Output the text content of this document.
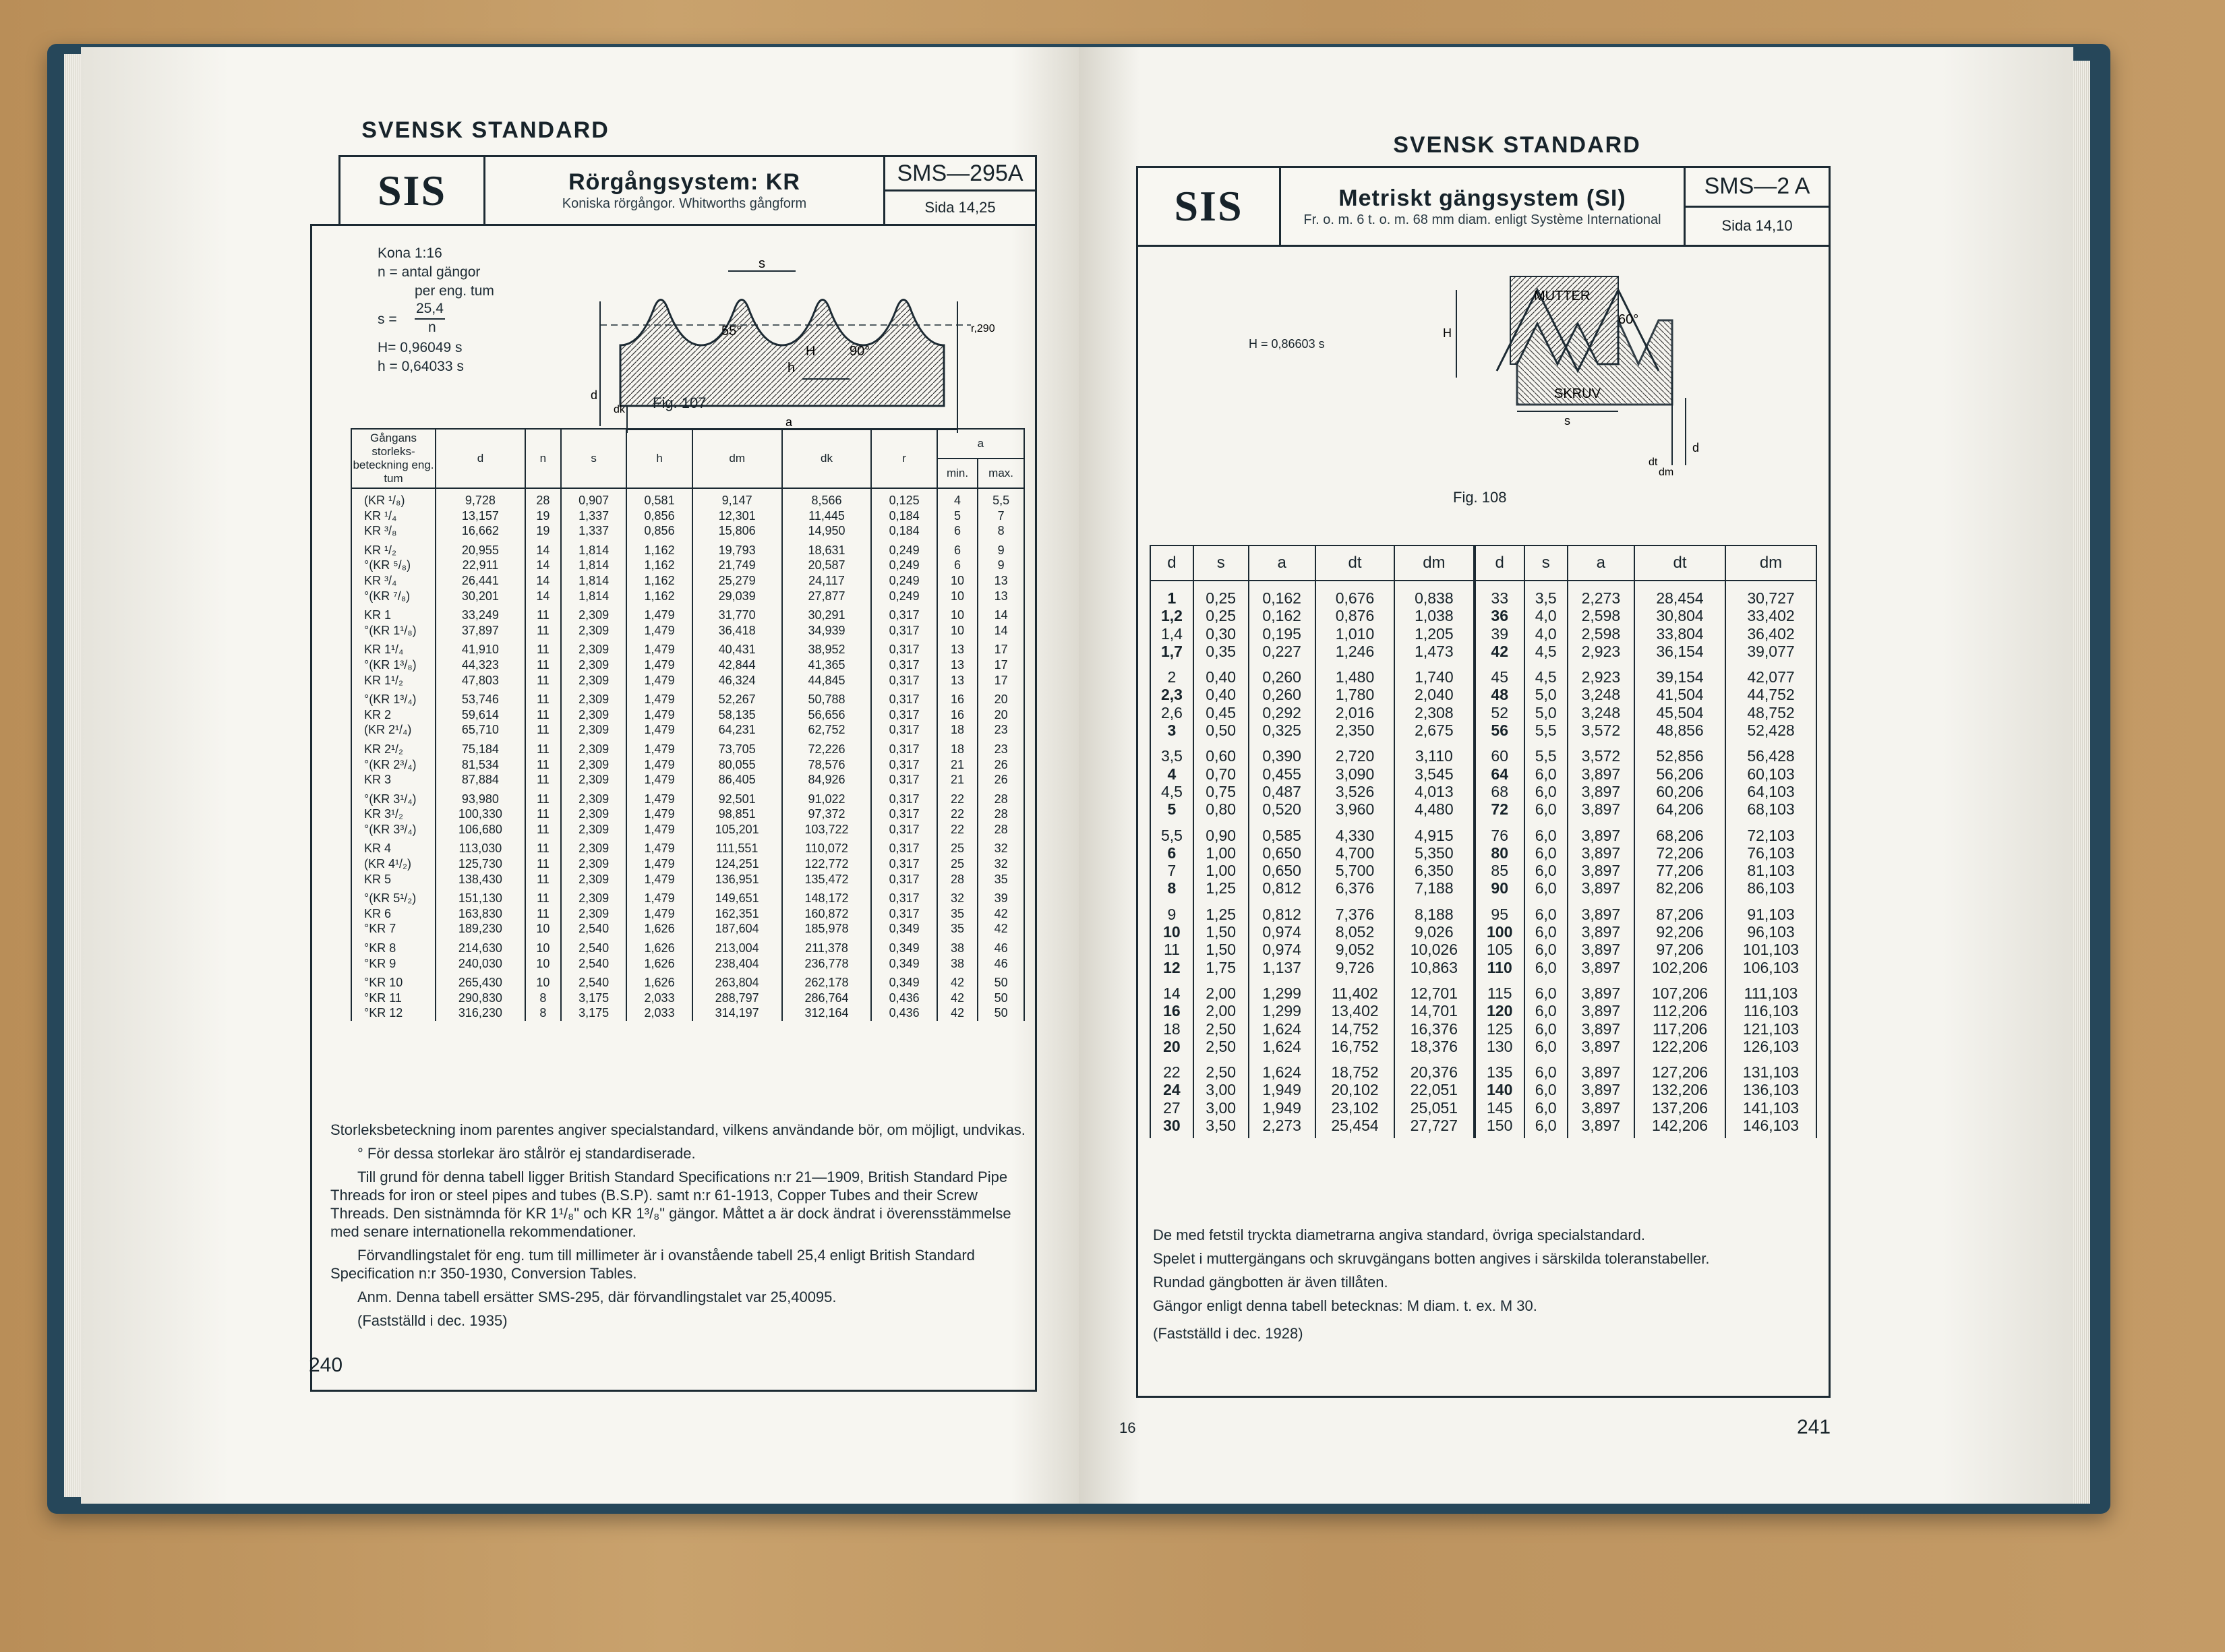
SVENSK STANDARD
SIS	Rörgångsystem: KR
Koniska rörgångor. Whitworths gångform
SMS—295A
Sida 14,25
Kona 1:16
n = antal gängor
per eng. tum
s =
25,4
n
H= 0,96049 s
h = 0,64033 s
55°
90°
r,290
H
h
s
a
d
dk Fig. 107
Gångans storleks-beteckning eng. tum	d	n	s	h	dm	dk	r	a	
								min.	max.
(KR ¹/₈)	9,728	28	0,907	0,581	9,147	8,566	0,125	4	5,5
KR ¹/₄	13,157	19	1,337	0,856	12,301	11,445	0,184	5	7
KR ³/₈	16,662	19	1,337	0,856	15,806	14,950	0,184	6	8
KR ¹/₂	20,955	14	1,814	1,162	19,793	18,631	0,249	6	9
°(KR ⁵/₈)	22,911	14	1,814	1,162	21,749	20,587	0,249	6	9
KR ³/₄	26,441	14	1,814	1,162	25,279	24,117	0,249	10	13
°(KR ⁷/₈)	30,201	14	1,814	1,162	29,039	27,877	0,249	10	13
KR 1	33,249	11	2,309	1,479	31,770	30,291	0,317	10	14
°(KR 1¹/₈)	37,897	11	2,309	1,479	36,418	34,939	0,317	10	14
KR 1¹/₄	41,910	11	2,309	1,479	40,431	38,952	0,317	13	17
°(KR 1³/₈)	44,323	11	2,309	1,479	42,844	41,365	0,317	13	17
KR 1¹/₂	47,803	11	2,309	1,479	46,324	44,845	0,317	13	17
°(KR 1³/₄)	53,746	11	2,309	1,479	52,267	50,788	0,317	16	20
KR 2	59,614	11	2,309	1,479	58,135	56,656	0,317	16	20
(KR 2¹/₄)	65,710	11	2,309	1,479	64,231	62,752	0,317	18	23
KR 2¹/₂	75,184	11	2,309	1,479	73,705	72,226	0,317	18	23
°(KR 2³/₄)	81,534	11	2,309	1,479	80,055	78,576	0,317	21	26
KR 3	87,884	11	2,309	1,479	86,405	84,926	0,317	21	26
°(KR 3¹/₄)	93,980	11	2,309	1,479	92,501	91,022	0,317	22	28
KR 3¹/₂	100,330	11	2,309	1,479	98,851	97,372	0,317	22	28
°(KR 3³/₄)	106,680	11	2,309	1,479	105,201	103,722	0,317	22	28
KR 4	113,030	11	2,309	1,479	111,551	110,072	0,317	25	32
(KR 4¹/₂)	125,730	11	2,309	1,479	124,251	122,772	0,317	25	32
KR 5	138,430	11	2,309	1,479	136,951	135,472	0,317	28	35
°(KR 5¹/₂)	151,130	11	2,309	1,479	149,651	148,172	0,317	32	39
KR 6	163,830	11	2,309	1,479	162,351	160,872	0,317	35	42
°KR 7	189,230	10	2,540	1,626	187,604	185,978	0,349	35	42
°KR 8	214,630	10	2,540	1,626	213,004	211,378	0,349	38	46
°KR 9	240,030	10	2,540	1,626	238,404	236,778	0,349	38	46
°KR 10	265,430	10	2,540	1,626	263,804	262,178	0,349	42	50
°KR 11	290,830	8	3,175	2,033	288,797	286,764	0,436	42	50
°KR 12	316,230	8	3,175	2,033	314,197	312,164	0,436	42	50

Storleksbeteckning inom parentes angiver specialstandard, vilkens användande bör, om möjligt, undvikas.

° För dessa storlekar äro stålrör ej standardiserade.

Till grund för denna tabell ligger British Standard Specifications n:r 21—1909, British Standard Pipe Threads for iron or steel pipes and tubes (B.S.P). samt n:r 61-1913, Copper Tubes and their Screw Threads. Den sistnämnda för KR 1¹/₈" och KR 1³/₈" gängor. Måttet a är dock ändrat i överensstämmelse med senare internationella rekommendationer.

Förvandlingstalet för eng. tum till millimeter är i ovanstående tabell 25,4 enligt British Standard Specification n:r 350-1930, Conversion Tables.

Anm. Denna tabell ersätter SMS-295, där förvandlingstalet var 25,40095.

(Fastställd i dec. 1935)

240
SVENSK STANDARD
SIS	Metriskt gängsystem (SI)
Fr. o. m. 6 t. o. m. 68 mm diam. enligt Système International
SMS—2 A
Sida 14,10
H = 0,86603 s
MUTTER
SKRUV
60°
H
s
d
dt
dm
Fig. 108
d	s	a	dt	dm	d	s	a	dt	dm
1	0,25	0,162	0,676	0,838	33	3,5	2,273	28,454	30,727
1,2	0,25	0,162	0,876	1,038	36	4,0	2,598	30,804	33,402
1,4	0,30	0,195	1,010	1,205	39	4,0	2,598	33,804	36,402
1,7	0,35	0,227	1,246	1,473	42	4,5	2,923	36,154	39,077
2	0,40	0,260	1,480	1,740	45	4,5	2,923	39,154	42,077
2,3	0,40	0,260	1,780	2,040	48	5,0	3,248	41,504	44,752
2,6	0,45	0,292	2,016	2,308	52	5,0	3,248	45,504	48,752
3	0,50	0,325	2,350	2,675	56	5,5	3,572	48,856	52,428
3,5	0,60	0,390	2,720	3,110	60	5,5	3,572	52,856	56,428
4	0,70	0,455	3,090	3,545	64	6,0	3,897	56,206	60,103
4,5	0,75	0,487	3,526	4,013	68	6,0	3,897	60,206	64,103
5	0,80	0,520	3,960	4,480	72	6,0	3,897	64,206	68,103
5,5	0,90	0,585	4,330	4,915	76	6,0	3,897	68,206	72,103
6	1,00	0,650	4,700	5,350	80	6,0	3,897	72,206	76,103
7	1,00	0,650	5,700	6,350	85	6,0	3,897	77,206	81,103
8	1,25	0,812	6,376	7,188	90	6,0	3,897	82,206	86,103
9	1,25	0,812	7,376	8,188	95	6,0	3,897	87,206	91,103
10	1,50	0,974	8,052	9,026	100	6,0	3,897	92,206	96,103
11	1,50	0,974	9,052	10,026	105	6,0	3,897	97,206	101,103
12	1,75	1,137	9,726	10,863	110	6,0	3,897	102,206	106,103
14	2,00	1,299	11,402	12,701	115	6,0	3,897	107,206	111,103
16	2,00	1,299	13,402	14,701	120	6,0	3,897	112,206	116,103
18	2,50	1,624	14,752	16,376	125	6,0	3,897	117,206	121,103
20	2,50	1,624	16,752	18,376	130	6,0	3,897	122,206	126,103
22	2,50	1,624	18,752	20,376	135	6,0	3,897	127,206	131,103
24	3,00	1,949	20,102	22,051	140	6,0	3,897	132,206	136,103
27	3,00	1,949	23,102	25,051	145	6,0	3,897	137,206	141,103
30	3,50	2,273	25,454	27,727	150	6,0	3,897	142,206	146,103

De med fetstil tryckta diametrarna angiva standard, övriga specialstandard.

Spelet i muttergängans och skruvgängans botten angives i särskilda toleranstabeller.

Rundad gängbotten är även tillåten.

Gängor enligt denna tabell betecknas: M diam. t. ex. M 30.

(Fastställd i dec. 1928)

16	241
